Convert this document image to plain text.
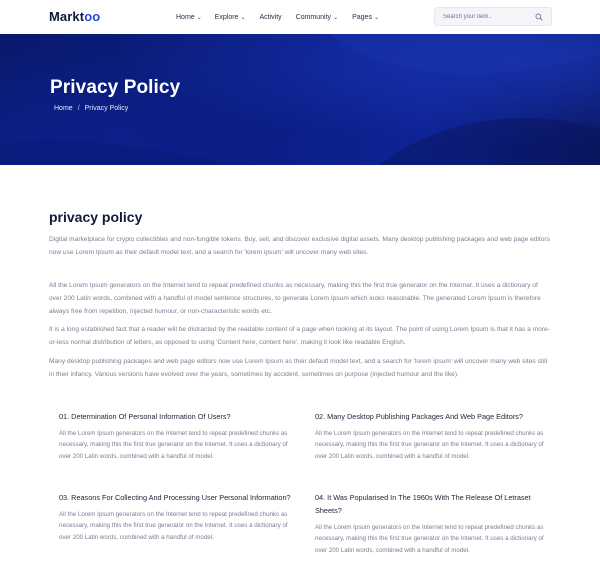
Marktoo	Home ⌄ Explore ⌄ Activity Community ⌄ Pages ⌄
Search your item..
Privacy Policy
Home / Privacy Policy
privacy policy

Digital marketplace for crypto collectibles and non-fungible tokens. Buy, sell, and discover exclusive digital assets. Many desktop publishing packages and web page editors now use Lorem Ipsum as their default model text, and a search for 'lorem ipsum' will uncover many web sites.

All the Lorem Ipsum generators on the Internet tend to repeat predefined chunks as necessary, making this the first true generator on the Internet. It uses a dictionary of over 200 Latin words, combined with a handful of model sentence structures, to generate Lorem Ipsum which looks reasonable. The generated Lorem Ipsum is therefore always free from repetition, injected humour, or non-characteristic words etc.

It is a long established fact that a reader will be distracted by the readable content of a page when looking at its layout. The point of using Lorem Ipsum is that it has a more-or-less normal distribution of letters, as opposed to using 'Content here, content here', making it look like readable English.

Many desktop publishing packages and web page editors now use Lorem Ipsum as their default model text, and a search for 'lorem ipsum' will uncover many web sites still in their infancy. Various versions have evolved over the years, sometimes by accident, sometimes on purpose (injected humour and the like).

01. Determination Of Personal Information Of Users?

All the Lorem Ipsum generators on the Internet tend to repeat predefined chunks as necessary, making this the first true generator on the Internet. It uses a dictionary of over 200 Latin words, combined with a handful of model.

02. Many Desktop Publishing Packages And Web Page Editors?

All the Lorem Ipsum generators on the Internet tend to repeat predefined chunks as necessary, making this the first true generator on the Internet. It uses a dictionary of over 200 Latin words, combined with a handful of model.

03. Reasons For Collecting And Processing User Personal Information?

All the Lorem Ipsum generators on the Internet tend to repeat predefined chunks as necessary, making this the first true generator on the Internet. It uses a dictionary of over 200 Latin words, combined with a handful of model.

04. It Was Popularised In The 1960s With The Release Of Letraset Sheets?

All the Lorem Ipsum generators on the Internet tend to repeat predefined chunks as necessary, making this the first true generator on the Internet. It uses a dictionary of over 200 Latin words, combined with a handful of model.
